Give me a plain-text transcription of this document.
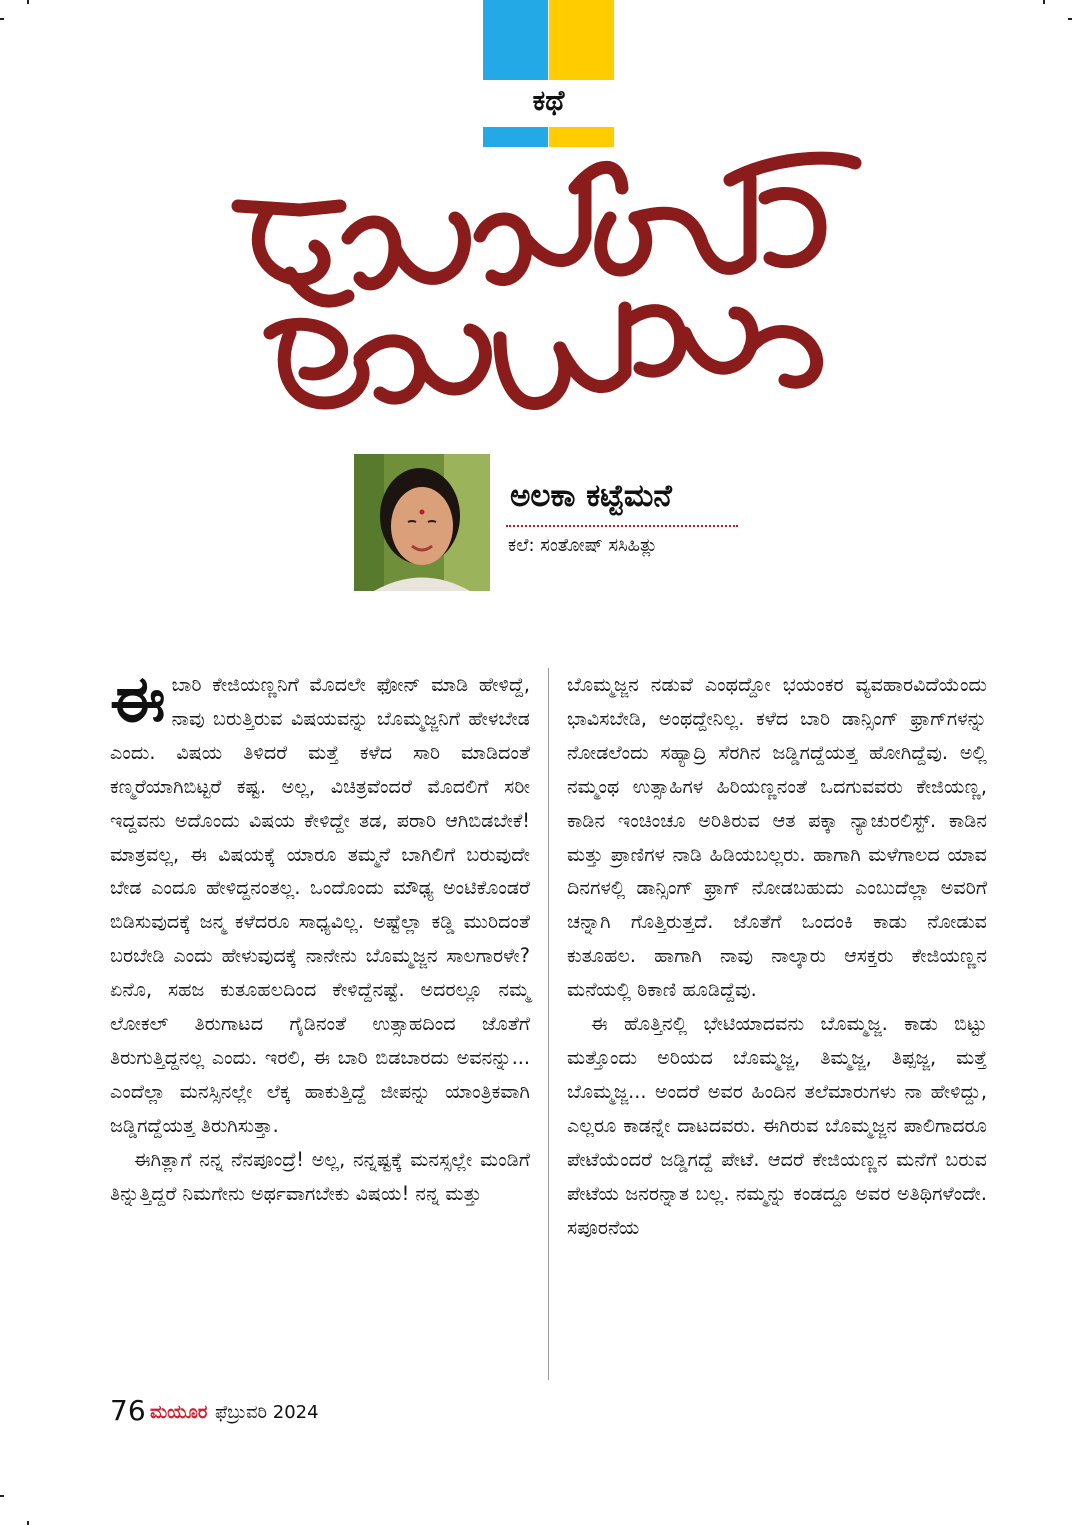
ಕಥೆ
ಅಲಕಾ ಕಟ್ಟೆಮನೆ
ಕಲೆ: ಸಂತೋಷ್ ಸಸಿಹಿತ್ಲು

ಈಬಾರಿ ಕೇಜಿಯಣ್ಣನಿಗೆ ಮೊದಲೇ ಫೋನ್ ಮಾಡಿ ಹೇಳಿದ್ದೆ, ನಾವು ಬರುತ್ತಿರುವ ವಿಷಯವನ್ನು ಬೊಮ್ಮಜ್ಜನಿಗೆ ಹೇಳಬೇಡ ಎಂದು. ವಿಷಯ ತಿಳಿದರೆ ಮತ್ತೆ ಕಳೆದ ಸಾರಿ ಮಾಡಿದಂತೆ ಕಣ್ಮರೆಯಾಗಿಬಿಟ್ಟರೆ ಕಷ್ಟ. ಅಲ್ಲ, ವಿಚಿತ್ರವೆಂದರೆ ಮೊದಲಿಗೆ ಸರೀ ಇದ್ದವನು ಅದೊಂದು ವಿಷಯ ಕೇಳಿದ್ದೇ ತಡ, ಪರಾರಿ ಆಗಿಬಿಡಬೇಕೆ! ಮಾತ್ರವಲ್ಲ, ಈ ವಿಷಯಕ್ಕೆ ಯಾರೂ ತಮ್ಮನೆ ಬಾಗಿಲಿಗೆ ಬರುವುದೇ ಬೇಡ ಎಂದೂ ಹೇಳಿದ್ದನಂತಲ್ಲ. ಒಂದೊಂದು ಮೌಢ್ಯ ಅಂಟಿಕೊಂಡರೆ ಬಿಡಿಸುವುದಕ್ಕೆ ಜನ್ಮ ಕಳೆದರೂ ಸಾಧ್ಯವಿಲ್ಲ. ಅಷ್ಟೆಲ್ಲಾ ಕಡ್ಡಿ ಮುರಿದಂತೆ ಬರಬೇಡಿ ಎಂದು ಹೇಳುವುದಕ್ಕೆ ನಾನೇನು ಬೊಮ್ಮಜ್ಜನ ಸಾಲಗಾರಳೇ? ಏನೊ, ಸಹಜ ಕುತೂಹಲದಿಂದ ಕೇಳಿದ್ದೆನಷ್ಟೆ. ಅದರಲ್ಲೂ ನಮ್ಮ ಲೋಕಲ್ ತಿರುಗಾಟದ ಗೈಡಿನಂತೆ ಉತ್ಸಾಹದಿಂದ ಜೊತೆಗೆ ತಿರುಗುತ್ತಿದ್ದನಲ್ಲ ಎಂದು. ಇರಲಿ, ಈ ಬಾರಿ ಬಿಡಬಾರದು ಅವನನ್ನು... ಎಂದೆಲ್ಲಾ ಮನಸ್ಸಿನಲ್ಲೇ ಲೆಕ್ಕ ಹಾಕುತ್ತಿದ್ದೆ ಜೀಪನ್ನು ಯಾಂತ್ರಿಕವಾಗಿ ಜಡ್ಡಿಗದ್ದೆಯತ್ತ ತಿರುಗಿಸುತ್ತಾ.

ಈಗಿತ್ಲಾಗೆ ನನ್ನ ನೆನಪೂಂದ್ರೆ! ಅಲ್ಲ, ನನ್ನಷ್ಟಕ್ಕೆ ಮನಸ್ಸಲ್ಲೇ ಮಂಡಿಗೆ ತಿನ್ನುತ್ತಿದ್ದರೆ ನಿಮಗೇನು ಅರ್ಥವಾಗಬೇಕು ವಿಷಯ! ನನ್ನ ಮತ್ತು

ಬೊಮ್ಮಜ್ಜನ ನಡುವೆ ಎಂಥದ್ದೋ ಭಯಂಕರ ವ್ಯವಹಾರವಿದೆಯೆಂದು ಭಾವಿಸಬೇಡಿ, ಅಂಥದ್ದೇನಿಲ್ಲ. ಕಳೆದ ಬಾರಿ ಡಾನ್ಸಿಂಗ್ ಫ್ರಾಗ್‌ಗಳನ್ನು ನೋಡಲೆಂದು ಸಹ್ಯಾದ್ರಿ ಸೆರಗಿನ ಜಡ್ಡಿಗದ್ದೆಯತ್ತ ಹೋಗಿದ್ದೆವು. ಅಲ್ಲಿ ನಮ್ಮಂಥ ಉತ್ಸಾಹಿಗಳ ಹಿರಿಯಣ್ಣನಂತೆ ಒದಗುವವರು ಕೇಜಿಯಣ್ಣ, ಕಾಡಿನ ಇಂಚಿಂಚೂ ಅರಿತಿರುವ ಆತ ಪಕ್ಕಾ ನ್ಯಾಚುರಲಿಸ್ಟ್. ಕಾಡಿನ ಮತ್ತು ಪ್ರಾಣಿಗಳ ನಾಡಿ ಹಿಡಿಯಬಲ್ಲರು. ಹಾಗಾಗಿ ಮಳೆಗಾಲದ ಯಾವ ದಿನಗಳಲ್ಲಿ ಡಾನ್ಸಿಂಗ್ ಫ್ರಾಗ್ ನೋಡಬಹುದು ಎಂಬುದೆಲ್ಲಾ ಅವರಿಗೆ ಚನ್ನಾಗಿ ಗೊತ್ತಿರುತ್ತದೆ. ಜೊತೆಗೆ ಒಂದಂಕಿ ಕಾಡು ನೋಡುವ ಕುತೂಹಲ. ಹಾಗಾಗಿ ನಾವು ನಾಲ್ಕಾರು ಆಸಕ್ತರು ಕೇಜಿಯಣ್ಣನ ಮನೆಯಲ್ಲಿ ಠಿಕಾಣಿ ಹೂಡಿದ್ದೆವು.

ಈ ಹೊತ್ತಿನಲ್ಲಿ ಭೇಟಿಯಾದವನು ಬೊಮ್ಮಜ್ಜ. ಕಾಡು ಬಿಟ್ಟು ಮತ್ತೊಂದು ಅರಿಯದ ಬೊಮ್ಮಜ್ಜ, ತಿಮ್ಮಜ್ಜ, ತಿಪ್ಪಜ್ಜ, ಮತ್ತೆ ಬೊಮ್ಮಜ್ಜ... ಅಂದರೆ ಅವರ ಹಿಂದಿನ ತಲೆಮಾರುಗಳು ನಾ ಹೇಳಿದ್ದು, ಎಲ್ಲರೂ ಕಾಡನ್ನೇ ದಾಟದವರು. ಈಗಿರುವ ಬೊಮ್ಮಜ್ಜನ ಪಾಲಿಗಾದರೂ ಪೇಟೆಯೆಂದರೆ ಜಡ್ಡಿಗದ್ದೆ ಪೇಟೆ. ಆದರೆ ಕೇಜಿಯಣ್ಣನ ಮನೆಗೆ ಬರುವ ಪೇಟೆಯ ಜನರನ್ನಾತ ಬಲ್ಲ. ನಮ್ಮನ್ನು ಕಂಡದ್ದೂ ಅವರ ಅತಿಥಿಗಳೆಂದೇ. ಸಪೂರನೆಯ

76 ಮಯೂರ ಫೆಬ್ರುವರಿ 2024
